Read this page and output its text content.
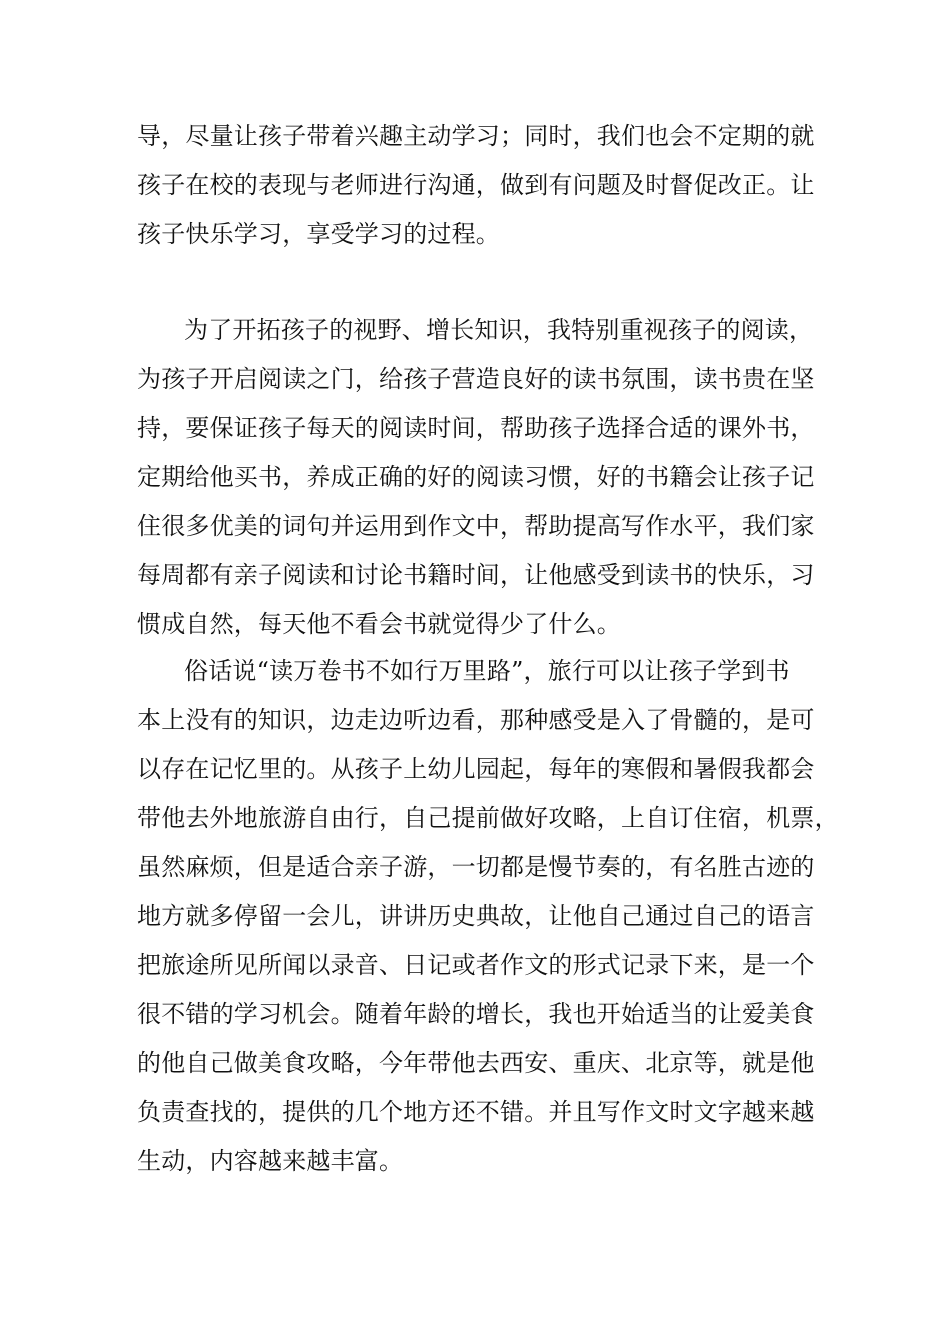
导，尽量让孩子带着兴趣主动学习；同时，我们也会不定期的就
孩子在校的表现与老师进行沟通，做到有问题及时督促改正。让
孩子快乐学习，享受学习的过程。
为了开拓孩子的视野、增长知识，我特别重视孩子的阅读，
为孩子开启阅读之门，给孩子营造良好的读书氛围，读书贵在坚
持，要保证孩子每天的阅读时间，帮助孩子选择合适的课外书，
定期给他买书，养成正确的好的阅读习惯，好的书籍会让孩子记
住很多优美的词句并运用到作文中，帮助提高写作水平，我们家
每周都有亲子阅读和讨论书籍时间，让他感受到读书的快乐，习
惯成自然，每天他不看会书就觉得少了什么。
俗话说“读万卷书不如行万里路”，旅行可以让孩子学到书
本上没有的知识，边走边听边看，那种感受是入了骨髓的，是可
以存在记忆里的。从孩子上幼儿园起，每年的寒假和暑假我都会
带他去外地旅游自由行，自己提前做好攻略，上自订住宿，机票，
虽然麻烦，但是适合亲子游，一切都是慢节奏的，有名胜古迹的
地方就多停留一会儿，讲讲历史典故，让他自己通过自己的语言
把旅途所见所闻以录音、日记或者作文的形式记录下来，是一个
很不错的学习机会。随着年龄的增长，我也开始适当的让爱美食
的他自己做美食攻略，今年带他去西安、重庆、北京等，就是他
负责查找的，提供的几个地方还不错。并且写作文时文字越来越
生动，内容越来越丰富。
